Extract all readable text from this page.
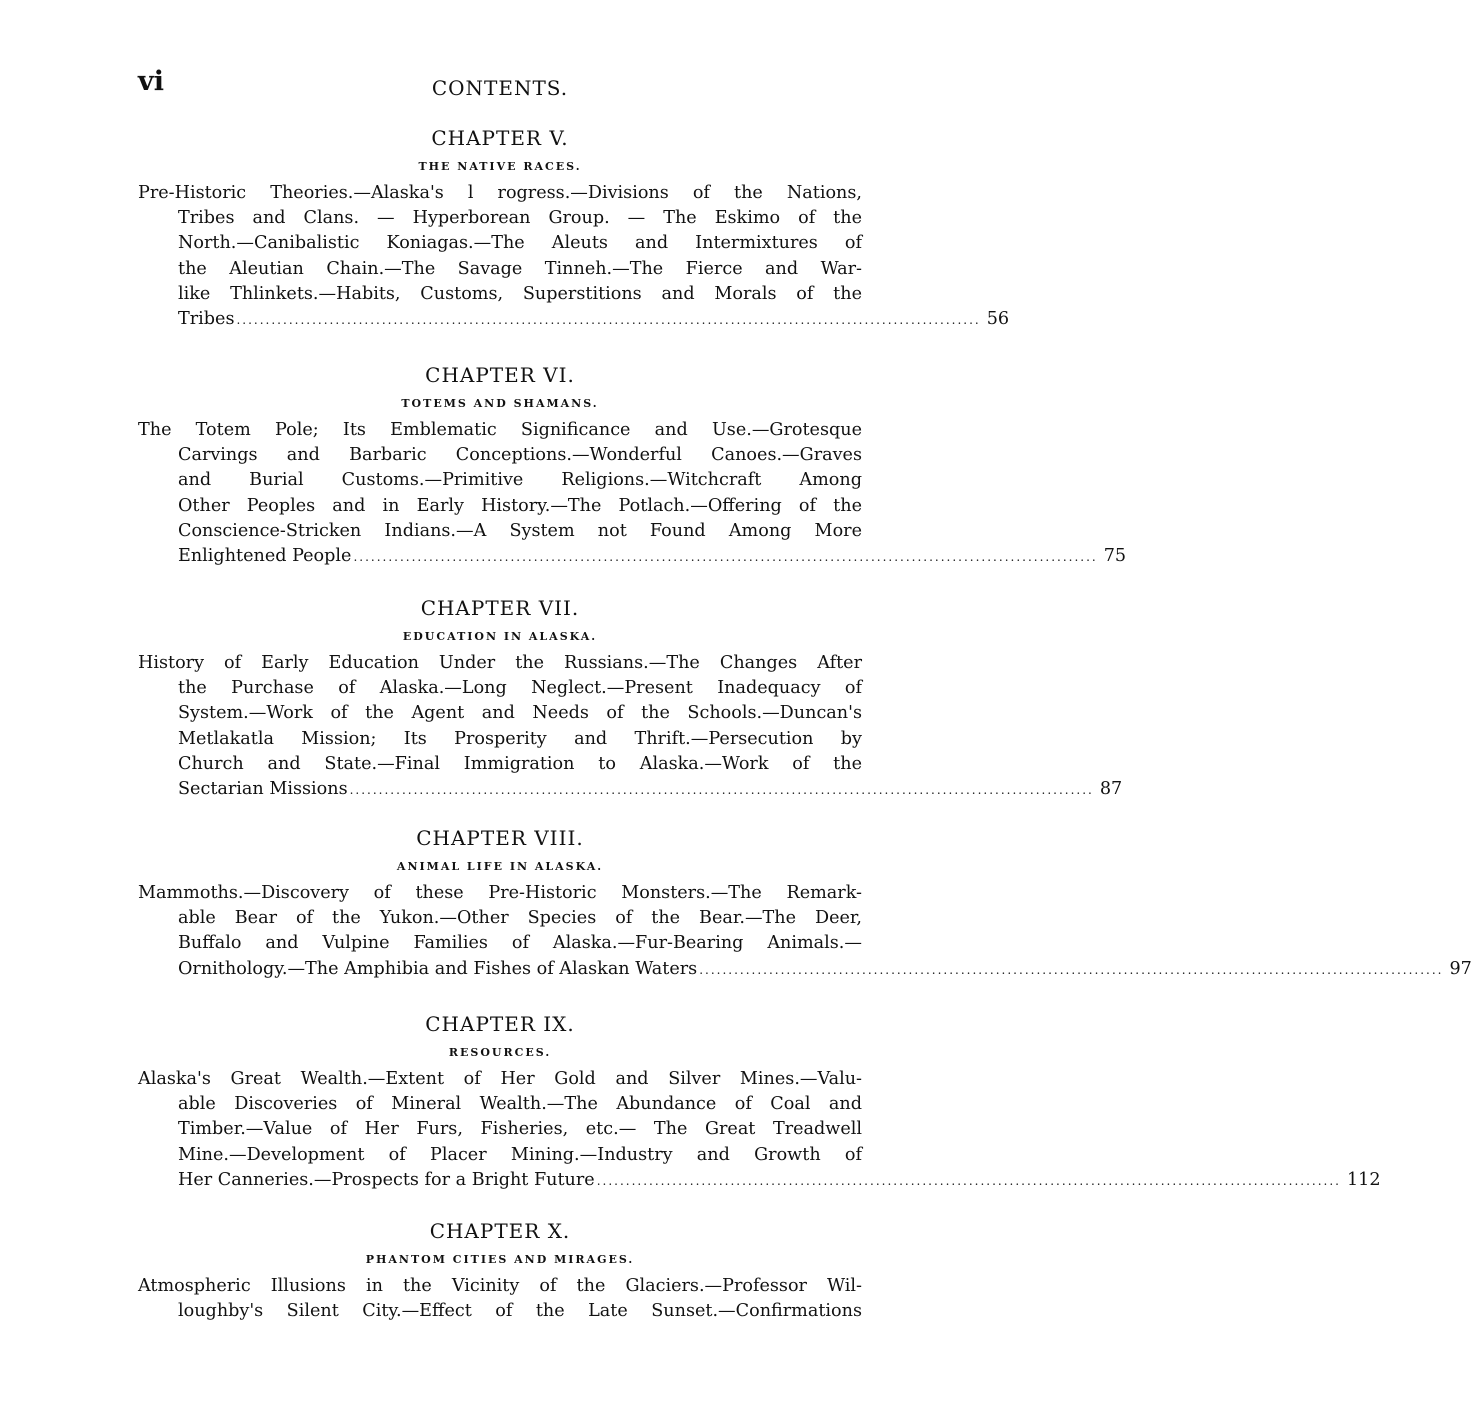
vi	CONTENTS.
CHAPTER V.
THE NATIVE RACES.
Pre-Historic Theories.—Alaska's l rogress.—Divisions of the Nations,
Tribes and Clans. — Hyperborean Group. — The Eskimo of the
North.—Canibalistic Koniagas.—The Aleuts and Intermixtures of
the Aleutian Chain.—The Savage Tinneh.—The Fierce and War-
like Thlinkets.—Habits, Customs, Superstitions and Morals of the
Tribes ................................................................................................................................ 56
CHAPTER VI.
TOTEMS AND SHAMANS.
The Totem Pole; Its Emblematic Significance and Use.—Grotesque
Carvings and Barbaric Conceptions.—Wonderful Canoes.—Graves
and Burial Customs.—Primitive Religions.—Witchcraft Among
Other Peoples and in Early History.—The Potlach.—Offering of the
Conscience-Stricken Indians.—A System not Found Among More
Enlightened People ................................................................................................................................ 75
CHAPTER VII.
EDUCATION IN ALASKA.
History of Early Education Under the Russians.—The Changes After
the Purchase of Alaska.—Long Neglect.—Present Inadequacy of
System.—Work of the Agent and Needs of the Schools.—Duncan's
Metlakatla Mission; Its Prosperity and Thrift.—Persecution by
Church and State.—Final Immigration to Alaska.—Work of the
Sectarian Missions ................................................................................................................................ 87
CHAPTER VIII.
ANIMAL LIFE IN ALASKA.
Mammoths.—Discovery of these Pre-Historic Monsters.—The Remark-
able Bear of the Yukon.—Other Species of the Bear.—The Deer,
Buffalo and Vulpine Families of Alaska.—Fur-Bearing Animals.—
Ornithology.—The Amphibia and Fishes of Alaskan Waters ................................................................................................................................ 97
CHAPTER IX.
RESOURCES.
Alaska's Great Wealth.—Extent of Her Gold and Silver Mines.—Valu-
able Discoveries of Mineral Wealth.—The Abundance of Coal and
Timber.—Value of Her Furs, Fisheries, etc.— The Great Treadwell
Mine.—Development of Placer Mining.—Industry and Growth of
Her Canneries.—Prospects for a Bright Future ................................................................................................................................ 112
CHAPTER X.
PHANTOM CITIES AND MIRAGES.
Atmospheric Illusions in the Vicinity of the Glaciers.—Professor Wil-
loughby's Silent City.—Effect of the Late Sunset.—Confirmations
